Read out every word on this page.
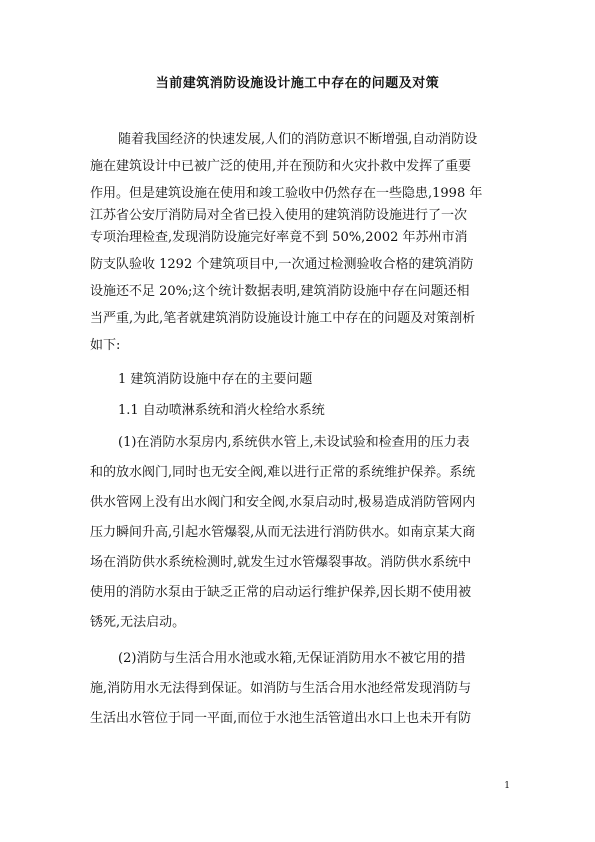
当前建筑消防设施设计施工中存在的问题及对策
随着我国经济的快速发展,人们的消防意识不断增强,自动消防设
施在建筑设计中已被广泛的使用,并在预防和火灾扑救中发挥了重要
作用。但是建筑设施在使用和竣工验收中仍然存在一些隐患,1998 年
江苏省公安厅消防局对全省已投入使用的建筑消防设施进行了一次
专项治理检查,发现消防设施完好率竟不到 50%,2002 年苏州市消
防支队验收 1292 个建筑项目中,一次通过检测验收合格的建筑消防
设施还不足 20%;这个统计数据表明,建筑消防设施中存在问题还相
当严重,为此,笔者就建筑消防设施设计施工中存在的问题及对策剖析
如下:
1 建筑消防设施中存在的主要问题
1.1 自动喷淋系统和消火栓给水系统
(1)在消防水泵房内,系统供水管上,未设试验和检查用的压力表
和的放水阀门,同时也无安全阀,难以进行正常的系统维护保养。系统
供水管网上没有出水阀门和安全阀,水泵启动时,极易造成消防管网内
压力瞬间升高,引起水管爆裂,从而无法进行消防供水。如南京某大商
场在消防供水系统检测时,就发生过水管爆裂事故。消防供水系统中
使用的消防水泵由于缺乏正常的启动运行维护保养,因长期不使用被
锈死,无法启动。
(2)消防与生活合用水池或水箱,无保证消防用水不被它用的措
施,消防用水无法得到保证。如消防与生活合用水池经常发现消防与
生活出水管位于同一平面,而位于水池生活管道出水口上也未开有防
1
